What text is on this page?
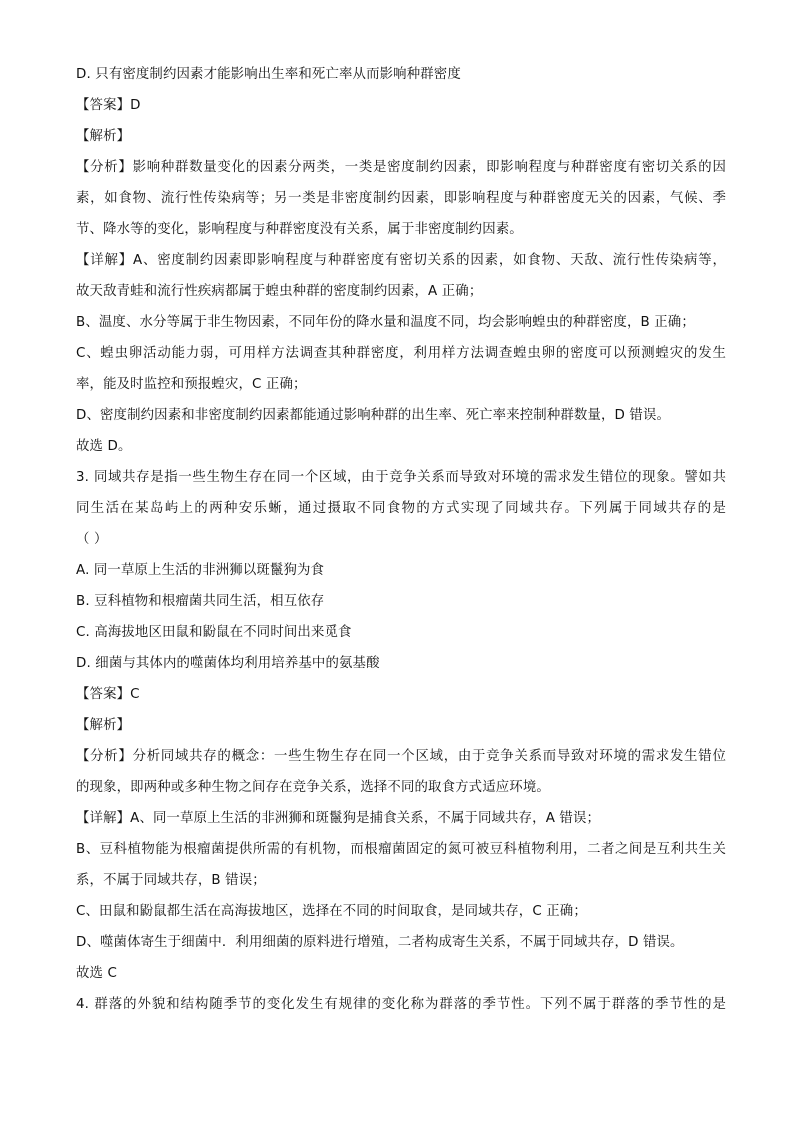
D. 只有密度制约因素才能影响出生率和死亡率从而影响种群密度
【答案】D
【解析】
【分析】影响种群数量变化的因素分两类，一类是密度制约因素，即影响程度与种群密度有密切关系的因
素，如食物、流行性传染病等；另一类是非密度制约因素，即影响程度与种群密度无关的因素，气候、季
节、降水等的变化，影响程度与种群密度没有关系，属于非密度制约因素。
【详解】A、密度制约因素即影响程度与种群密度有密切关系的因素，如食物、天敌、流行性传染病等，
故天敌青蛙和流行性疾病都属于蝗虫种群的密度制约因素，A 正确；
B、温度、水分等属于非生物因素，不同年份的降水量和温度不同，均会影响蝗虫的种群密度，B 正确；
C、蝗虫卵活动能力弱，可用样方法调查其种群密度，利用样方法调查蝗虫卵的密度可以预测蝗灾的发生
率，能及时监控和预报蝗灾，C 正确；
D、密度制约因素和非密度制约因素都能通过影响种群的出生率、死亡率来控制种群数量，D 错误。
故选 D。
3. 同域共存是指一些生物生存在同一个区域，由于竞争关系而导致对环境的需求发生错位的现象。譬如共
同生活在某岛屿上的两种安乐蜥，通过摄取不同食物的方式实现了同域共存。下列属于同域共存的是
（ ）
A. 同一草原上生活的非洲狮以斑鬣狗为食
B. 豆科植物和根瘤菌共同生活，相互依存
C. 高海拔地区田鼠和鼢鼠在不同时间出来觅食
D. 细菌与其体内的噬菌体均利用培养基中的氨基酸
【答案】C
【解析】
【分析】分析同域共存的概念：一些生物生存在同一个区域，由于竞争关系而导致对环境的需求发生错位
的现象，即两种或多种生物之间存在竞争关系，选择不同的取食方式适应环境。
【详解】A、同一草原上生活的非洲狮和斑鬣狗是捕食关系，不属于同域共存，A 错误；
B、豆科植物能为根瘤菌提供所需的有机物，而根瘤菌固定的氮可被豆科植物利用，二者之间是互利共生关
系，不属于同域共存，B 错误；
C、田鼠和鼢鼠都生活在高海拔地区，选择在不同的时间取食，是同域共存，C 正确；
D、噬菌体寄生于细菌中．利用细菌的原料进行增殖，二者构成寄生关系，不属于同域共存，D 错误。
故选 C
4. 群落的外貌和结构随季节的变化发生有规律的变化称为群落的季节性。下列不属于群落的季节性的是
